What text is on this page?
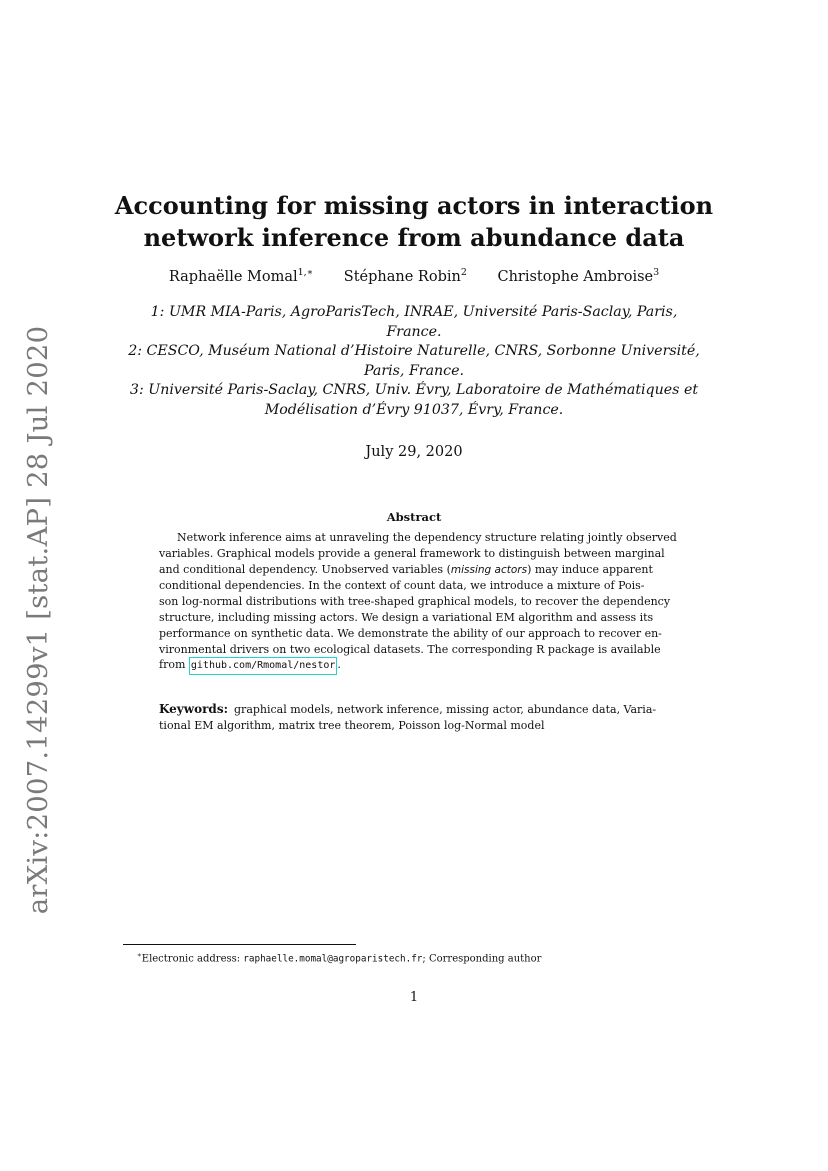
arXiv:2007.14299v1 [stat.AP] 28 Jul 2020
Accounting for missing actors in interaction
network inference from abundance data
Raphaëlle Momal$^{1,∗}$ Stéphane Robin$^2$ Christophe Ambroise$^3$
1: UMR MIA-Paris, AgroParisTech, INRAE, Université Paris-Saclay, Paris,
France.
2: CESCO, Muséum National d’Histoire Naturelle, CNRS, Sorbonne Université,
Paris, France.
3: Université Paris-Saclay, CNRS, Univ. Évry, Laboratoire de Mathématiques et
Modélisation d’Évry 91037, Évry, France.
July 29, 2020
Abstract
Network inference aims at unraveling the dependency structure relating jointly observed
variables. Graphical models provide a general framework to distinguish between marginal
and conditional dependency. Unobserved variables (missing actors) may induce apparent
conditional dependencies. In the context of count data, we introduce a mixture of Pois-
son log-normal distributions with tree-shaped graphical models, to recover the dependency
structure, including missing actors. We design a variational EM algorithm and assess its
performance on synthetic data. We demonstrate the ability of our approach to recover en-
vironmental drivers on two ecological datasets. The corresponding R package is available
from
github.com/Rmomal/nestor .
Keywords: graphical models, network inference, missing actor, abundance data, Varia-
tional EM algorithm, matrix tree theorem, Poisson log-Normal model
∗Electronic address: raphaelle.momal@agroparistech.fr; Corresponding author
1
